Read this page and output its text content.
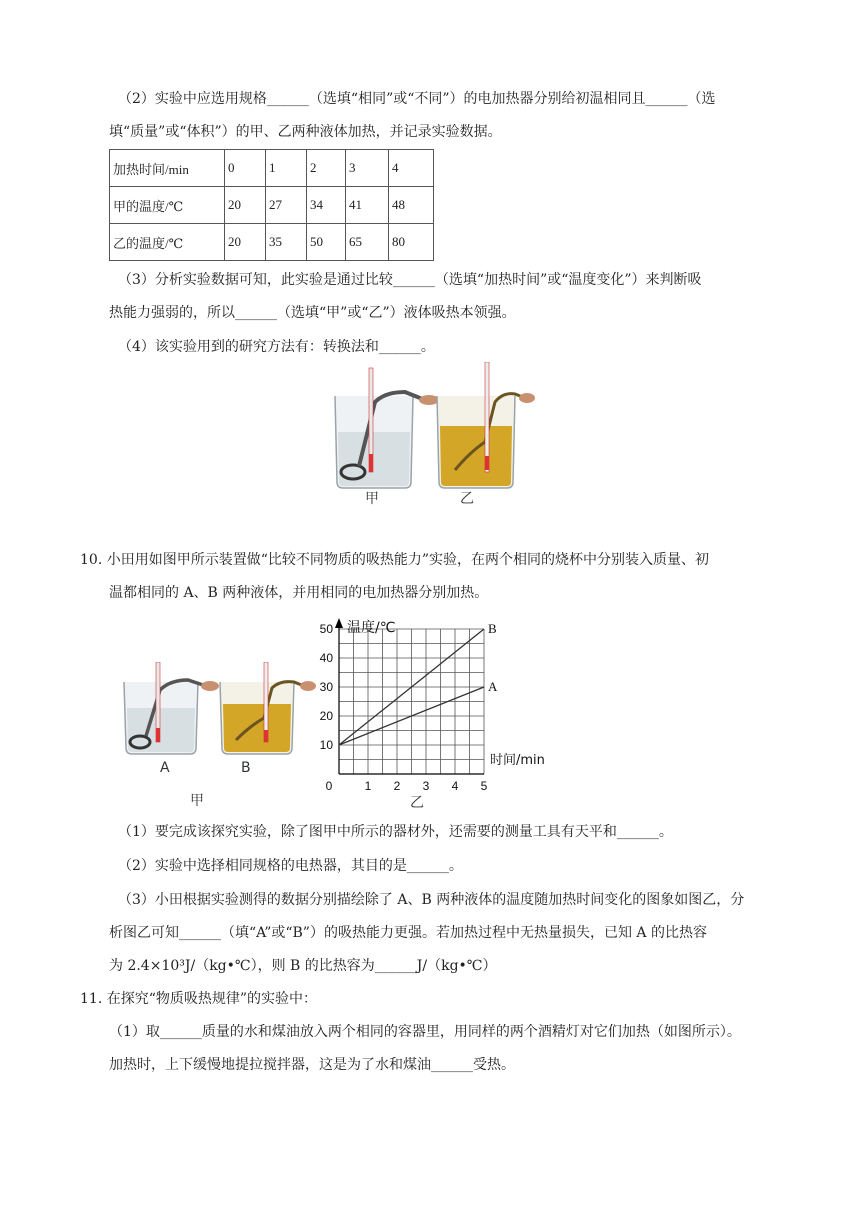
（2）实验中应选用规格______（选填“相同”或“不同”）的电加热器分别给初温相同且______（选
填“质量”或“体积”）的甲、乙两种液体加热，并记录实验数据。
加热时间/min	0	1	2	3	4
甲的温度/℃	20	27	34	41	48
乙的温度/℃	20	35	50	65	80
（3）分析实验数据可知，此实验是通过比较______（选填“加热时间”或“温度变化”）来判断吸
热能力强弱的，所以______（选填“甲”或“乙”）液体吸热本领强。
（4）该实验用到的研究方法有：转换法和______。
甲	乙
10. 小田用如图甲所示装置做“比较不同物质的吸热能力”实验，在两个相同的烧杯中分别装入质量、初
温都相同的 A、B 两种液体，并用相同的电加热器分别加热。
A	B
甲
10
20
30
40
50
0	1 2 3 4 5
温度/℃
时间/min
B
A
乙
（1）要完成该探究实验，除了图甲中所示的器材外，还需要的测量工具有天平和______。
（2）实验中选择相同规格的电热器，其目的是______。
（3）小田根据实验测得的数据分别描绘除了 A、B 两种液体的温度随加热时间变化的图象如图乙，分
析图乙可知______（填“A”或“B”）的吸热能力更强。若加热过程中无热量损失，已知 A 的比热容
为 2.4×10³J/（kg•℃），则 B 的比热容为______J/（kg•℃）
11. 在探究“物质吸热规律”的实验中：
（1）取______质量的水和煤油放入两个相同的容器里，用同样的两个酒精灯对它们加热（如图所示）。
加热时，上下缓慢地提拉搅拌器，这是为了水和煤油______受热。
